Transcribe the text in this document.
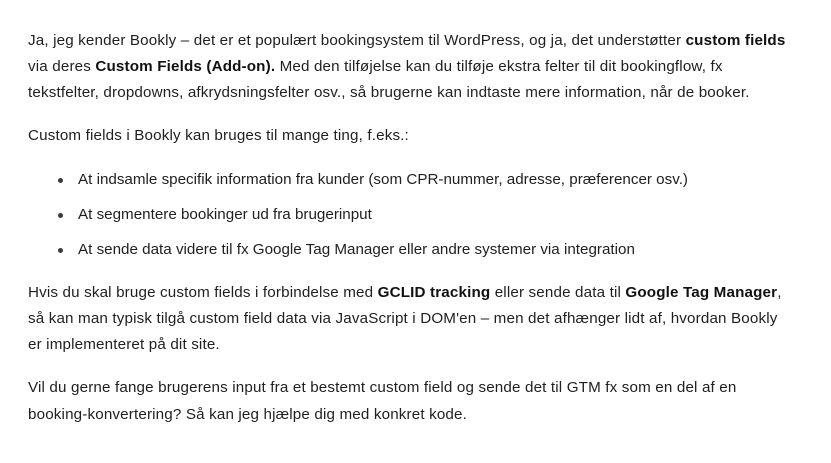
Ja, jeg kender Bookly – det er et populært bookingsystem til WordPress, og ja, det understøtter custom fields via deres Custom Fields (Add-on). Med den tilføjelse kan du tilføje ekstra felter til dit bookingflow, fx tekstfelter, dropdowns, afkrydsningsfelter osv., så brugerne kan indtaste mere information, når de booker.

Custom fields i Bookly kan bruges til mange ting, f.eks.:

At indsamle specifik information fra kunder (som CPR-nummer, adresse, præferencer osv.)
At segmentere bookinger ud fra brugerinput
At sende data videre til fx Google Tag Manager eller andre systemer via integration

Hvis du skal bruge custom fields i forbindelse med GCLID tracking eller sende data til Google Tag Manager, så kan man typisk tilgå custom field data via JavaScript i DOM'en – men det afhænger lidt af, hvordan Bookly er implementeret på dit site.

Vil du gerne fange brugerens input fra et bestemt custom field og sende det til GTM fx som en del af en booking-konvertering? Så kan jeg hjælpe dig med konkret kode.
